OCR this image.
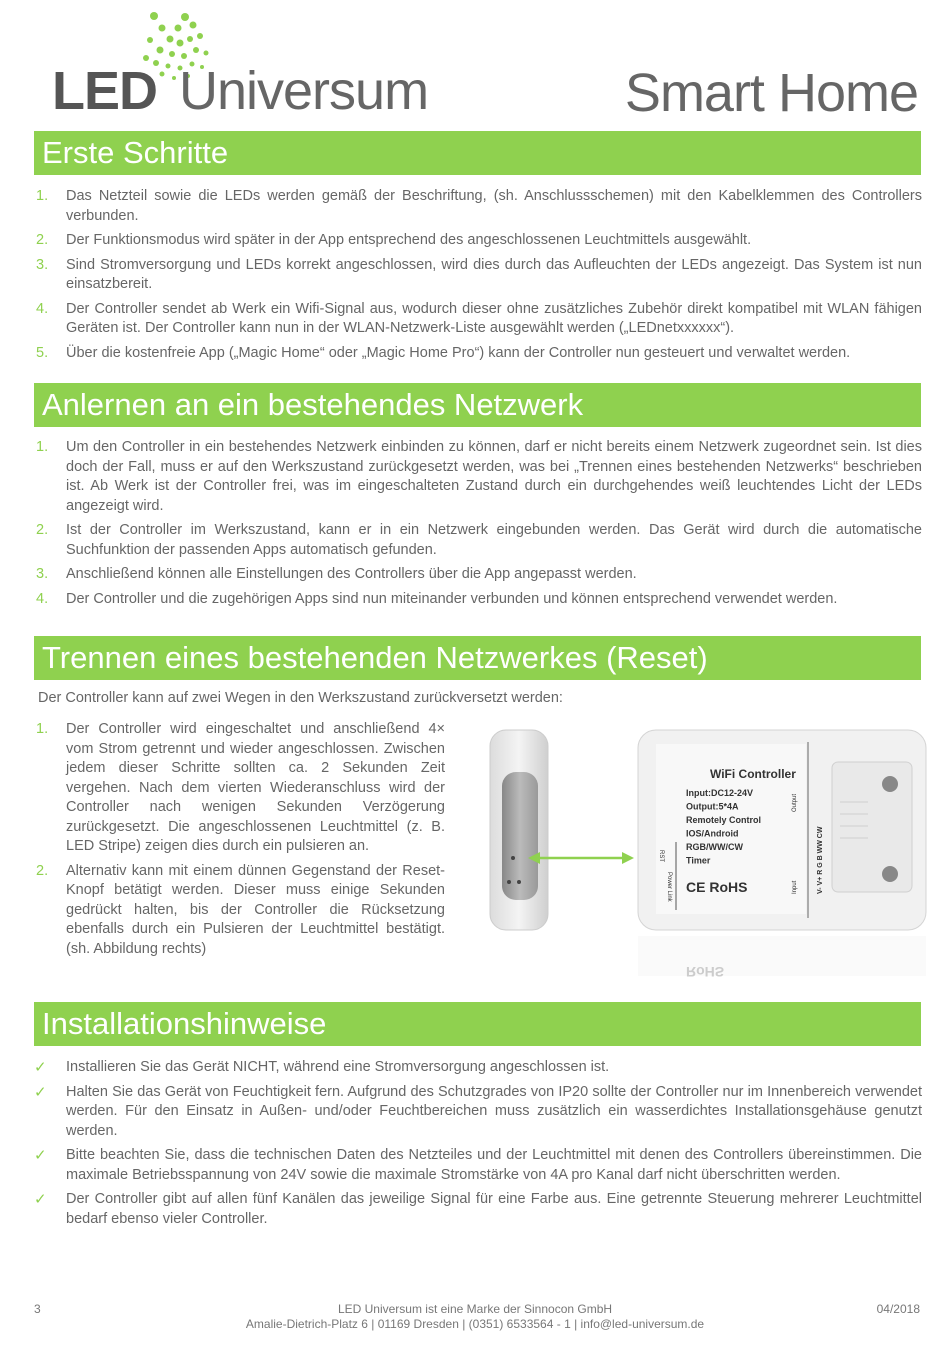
LED Universum	Smart Home
Erste Schritte
1. Das Netzteil sowie die LEDs werden gemäß der Beschriftung, (sh. Anschlussschemen) mit den Kabelklemmen des Controllers verbunden.
2. Der Funktionsmodus wird später in der App entsprechend des angeschlossenen Leuchtmittels ausgewählt.
3. Sind Stromversorgung und LEDs korrekt angeschlossen, wird dies durch das Aufleuchten der LEDs angezeigt. Das System ist nun einsatzbereit.
4. Der Controller sendet ab Werk ein Wifi-Signal aus, wodurch dieser ohne zusätzliches Zubehör direkt kompatibel mit WLAN fähigen Geräten ist. Der Controller kann nun in der WLAN-Netzwerk-Liste ausgewählt werden („LEDnetxxxxxx“).
5. Über die kostenfreie App („Magic Home“ oder „Magic Home Pro“) kann der Controller nun gesteuert und verwaltet werden.
Anlernen an ein bestehendes Netzwerk
1. Um den Controller in ein bestehendes Netzwerk einbinden zu können, darf er nicht bereits einem Netzwerk zugeordnet sein. Ist dies doch der Fall, muss er auf den Werkszustand zurückgesetzt werden, was bei „Trennen eines bestehenden Netzwerks“ beschrieben ist. Ab Werk ist der Controller frei, was im eingeschalteten Zustand durch ein durchgehendes weiß leuchtendes Licht der LEDs angezeigt wird.
2. Ist der Controller im Werkszustand, kann er in ein Netzwerk eingebunden werden. Das Gerät wird durch die automatische Suchfunktion der passenden Apps automatisch gefunden.
3. Anschließend können alle Einstellungen des Controllers über die App angepasst werden.
4. Der Controller und die zugehörigen Apps sind nun miteinander verbunden und können entsprechend verwendet werden.
Trennen eines bestehenden Netzwerkes (Reset)
Der Controller kann auf zwei Wegen in den Werkszustand zurückversetzt werden:
1. Der Controller wird eingeschaltet und anschließend 4× vom Strom getrennt und wieder angeschlossen. Zwischen jedem dieser Schritte sollten ca. 2 Sekunden Zeit vergehen. Nach dem vierten Wiederanschluss wird der Controller nach wenigen Sekunden Verzögerung zurückgesetzt. Die angeschlossenen Leuchtmittel (z. B. LED Stripe) zeigen dies durch ein pulsieren an.
2. Alternativ kann mit einem dünnen Gegenstand der Reset-Knopf betätigt werden. Dieser muss einige Sekunden gedrückt halten, bis der Controller die Rücksetzung ebenfalls durch ein Pulsieren der Leuchtmittel bestätigt. (sh. Abbildung rechts)
WiFi Controller
Input:DC12-24V
Output:5*4A
Remotely Control
IOS/Android
RGB/WW/CW
Timer
CE RoHS
RST
Power Link
Output
Input	V- V+ R G B WW CW
RoHS
Installationshinweise
✓ Installieren Sie das Gerät NICHT, während eine Stromversorgung angeschlossen ist.
✓ Halten Sie das Gerät von Feuchtigkeit fern. Aufgrund des Schutzgrades von IP20 sollte der Controller nur im Innenbereich verwendet werden. Für den Einsatz in Außen- und/oder Feuchtbereichen muss zusätzlich ein wasserdichtes Installationsgehäuse genutzt werden.
✓ Bitte beachten Sie, dass die technischen Daten des Netzteiles und der Leuchtmittel mit denen des Controllers übereinstimmen. Die maximale Betriebsspannung von 24V sowie die maximale Stromstärke von 4A pro Kanal darf nicht überschritten werden.
✓ Der Controller gibt auf allen fünf Kanälen das jeweilige Signal für eine Farbe aus. Eine getrennte Steuerung mehrerer Leuchtmittel bedarf ebenso vieler Controller.
3	LED Universum ist eine Marke der Sinnocon GmbH
Amalie-Dietrich-Platz 6 | 01169 Dresden | (0351) 6533564 - 1 | info@led-universum.de
04/2018
